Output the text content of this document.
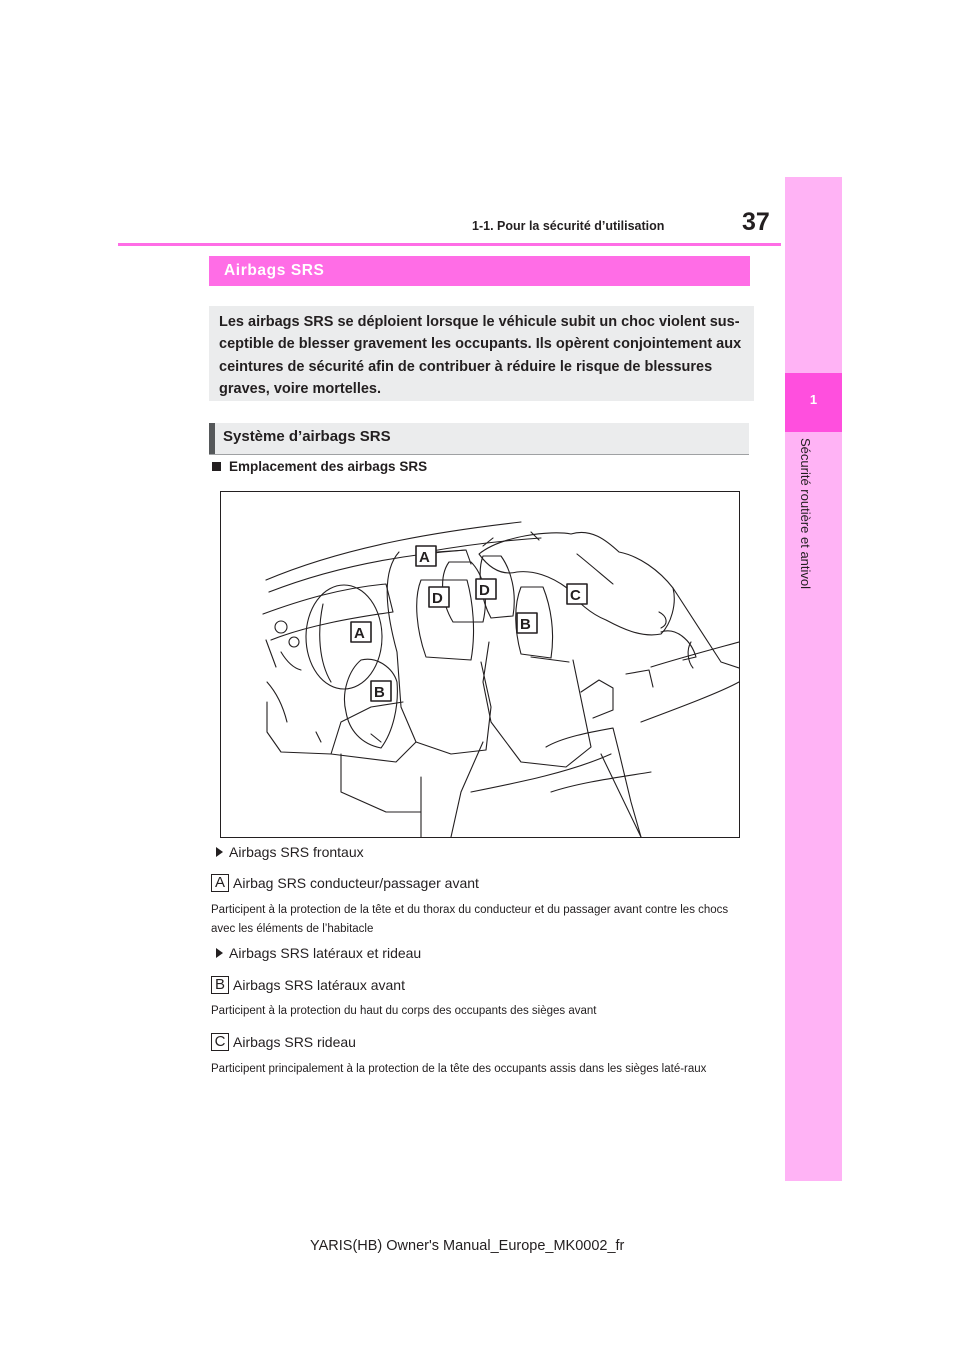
37
1-1. Pour la sécurité d’utilisation
1
Sécurité routière et antivol
Airbags SRS
Les airbags SRS se déploient lorsque le véhicule subit un choc violent sus-ceptible de blesser gravement les occupants. Ils opèrent conjointement aux ceintures de sécurité afin de contribuer à réduire le risque de blessures graves, voire mortelles.
Système d’airbags SRS
Emplacement des airbags SRS
A
A
D D	C
B
B
Airbags SRS frontaux
A Airbag SRS conducteur/passager avant
Participent à la protection de la tête et du thorax du conducteur et du passager avant contre les chocs avec les éléments de l’habitacle
Airbags SRS latéraux et rideau
B Airbags SRS latéraux avant
Participent à la protection du haut du corps des occupants des sièges avant
C Airbags SRS rideau
Participent principalement à la protection de la tête des occupants assis dans les sièges laté-raux
YARIS(HB) Owner's Manual_Europe_MK0002_fr
